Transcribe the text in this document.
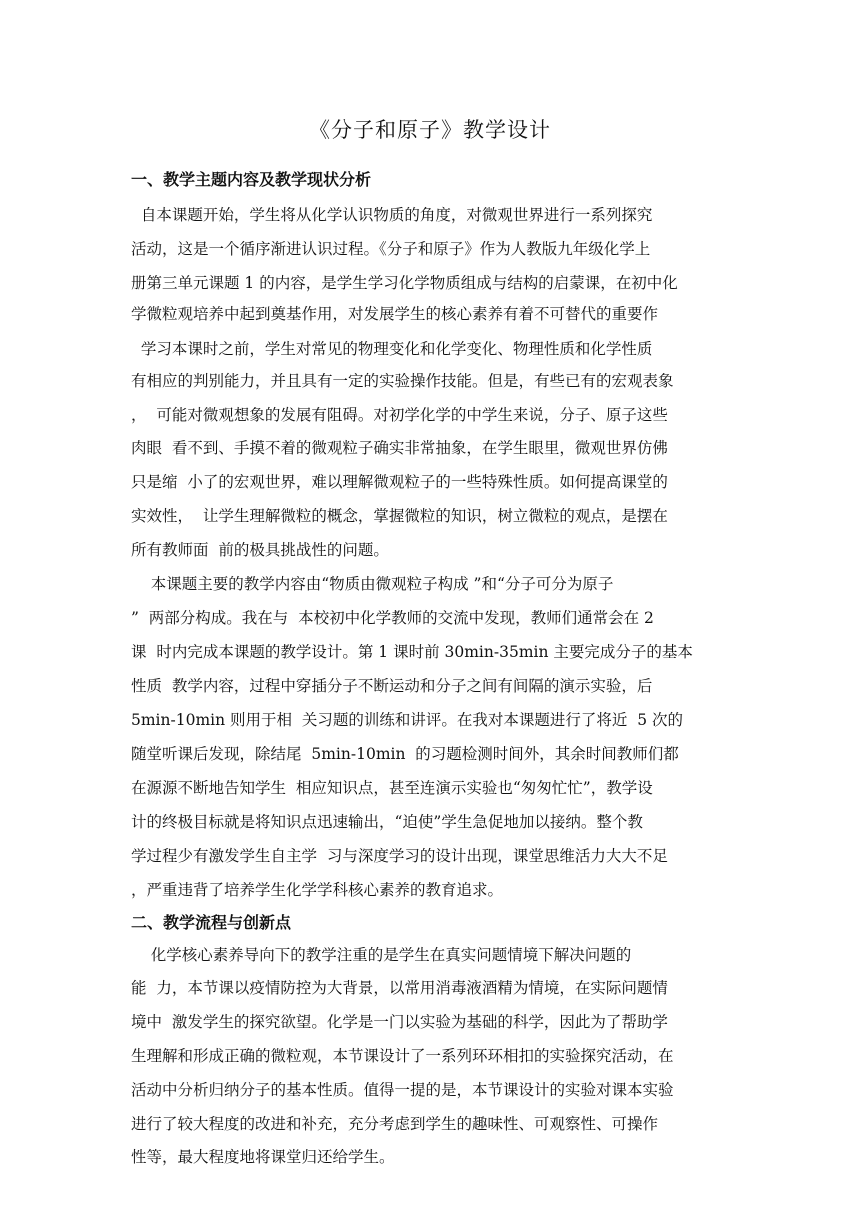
《分子和原子》教学设计
一、教学主题内容及教学现状分析
自本课题开始，学生将从化学认识物质的角度，对微观世界进行一系列探究
活动，这是一个循序渐进认识过程。《分子和原子》作为人教版九年级化学上
册第三单元课题 1 的内容，是学生学习化学物质组成与结构的启蒙课，在初中化
学微粒观培养中起到奠基作用，对发展学生的核心素养有着不可替代的重要作
学习本课时之前，学生对常见的物理变化和化学变化、物理性质和化学性质
有相应的判别能力，并且具有一定的实验操作技能。但是，有些已有的宏观表象
，  可能对微观想象的发展有阻碍。对初学化学的中学生来说，分子、原子这些
肉眼  看不到、手摸不着的微观粒子确实非常抽象，在学生眼里，微观世界仿佛
只是缩  小了的宏观世界，难以理解微观粒子的一些特殊性质。如何提高课堂的
实效性，  让学生理解微粒的概念，掌握微粒的知识，树立微粒的观点，是摆在
所有教师面  前的极具挑战性的问题。
本课题主要的教学内容由“物质由微观粒子构成 ”和“分子可分为原子
”  两部分构成。我在与  本校初中化学教师的交流中发现，教师们通常会在 2
课  时内完成本课题的教学设计。第 1 课时前 30min-35min 主要完成分子的基本
性质  教学内容，过程中穿插分子不断运动和分子之间有间隔的演示实验，后
5min-10min 则用于相  关习题的训练和讲评。在我对本课题进行了将近  5 次的
随堂听课后发现，除结尾  5min-10min  的习题检测时间外，其余时间教师们都
在源源不断地告知学生  相应知识点，甚至连演示实验也“匆匆忙忙”，教学设
计的终极目标就是将知识点迅速输出，“迫使”学生急促地加以接纳。整个教
学过程少有激发学生自主学  习与深度学习的设计出现，课堂思维活力大大不足
，严重违背了培养学生化学学科核心素养的教育追求。
二、教学流程与创新点
化学核心素养导向下的教学注重的是学生在真实问题情境下解决问题的
能  力，本节课以疫情防控为大背景，以常用消毒液酒精为情境，在实际问题情
境中  激发学生的探究欲望。化学是一门以实验为基础的科学，因此为了帮助学
生理解和形成正确的微粒观，本节课设计了一系列环环相扣的实验探究活动，在
活动中分析归纳分子的基本性质。值得一提的是，本节课设计的实验对课本实验
进行了较大程度的改进和补充，充分考虑到学生的趣味性、可观察性、可操作
性等，最大程度地将课堂归还给学生。
